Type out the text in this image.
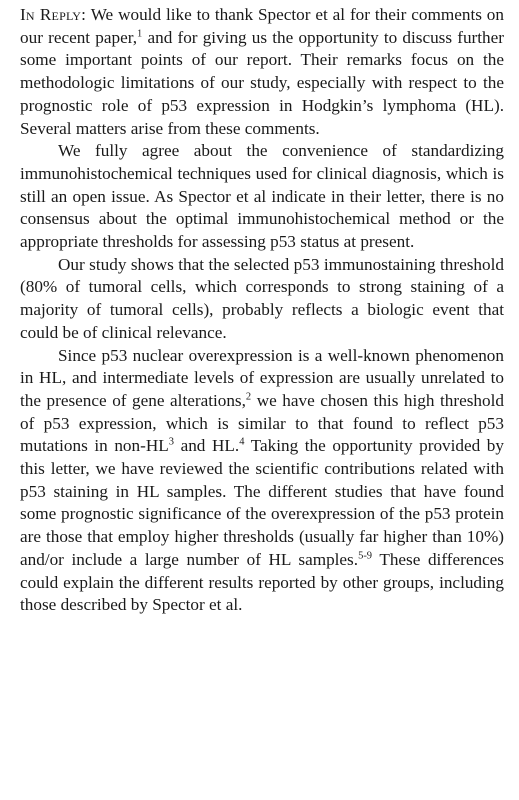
In Reply: We would like to thank Spector et al for their comments on our recent paper,$^1$ and for giving us the opportunity to discuss further some important points of our report. Their remarks focus on the methodologic limitations of our study, especially with respect to the prognostic role of p53 expression in Hodgkin’s lymphoma (HL). Several matters arise from these comments.

We fully agree about the convenience of standardizing immunohistochemical techniques used for clinical diagnosis, which is still an open issue. As Spector et al indicate in their letter, there is no consensus about the optimal immunohistochemical method or the appropriate thresholds for assessing p53 status at present.

Our study shows that the selected p53 immunostaining threshold (80% of tumoral cells, which corresponds to strong staining of a majority of tumoral cells), probably reflects a biologic event that could be of clinical relevance.

Since p53 nuclear overexpression is a well-known phenomenon in HL, and intermediate levels of expression are usually unrelated to the presence of gene alterations,$^2$ we have chosen this high threshold of p53 expression, which is similar to that found to reflect p53 mutations in non-$HL^3$ and HL.$^4$ Taking the opportunity provided by this letter, we have reviewed the scientific contributions related with p53 staining in HL samples. The different studies that have found some prognostic significance of the overexpression of the p53 protein are those that employ higher thresholds (usually far higher than 10%) and/or include a large number of HL samples.$^{5-9}$ These differences could explain the different results reported by other groups, including those described by Spector et al.
